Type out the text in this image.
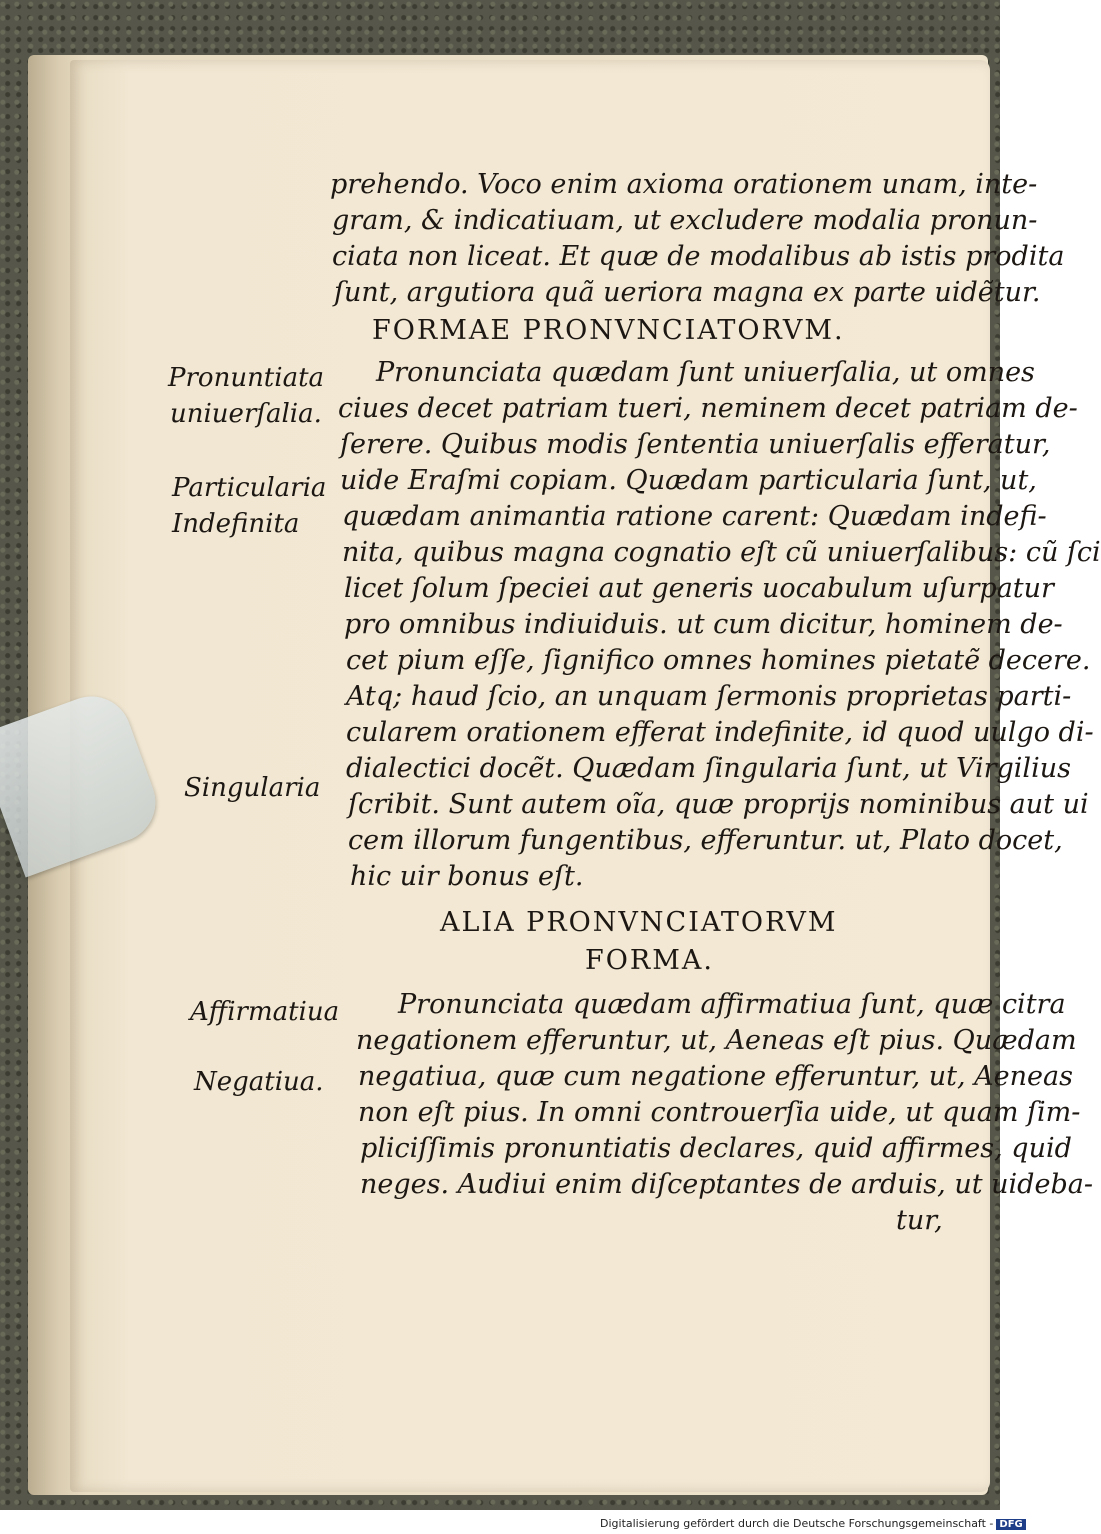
prehendo. Voco enim axioma orationem unam, inte-
gram, & indicatiuam, ut excludere modalia pronun-
ciata non liceat. Et quæ de modalibus ab istis prodita
ſunt, argutiora quã ueriora magna ex parte uidẽtur.
FORMAE PRONVNCIATORVM.
Pronunciata quædam ſunt uniuerſalia, ut omnes
ciues decet patriam tueri, neminem decet patriam de-
ſerere. Quibus modis ſententia uniuerſalis efferatur,
uide Eraſmi copiam. Quædam particularia ſunt, ut,
quædam animantia ratione carent: Quædam indefi-
nita, quibus magna cognatio eſt cũ uniuerſalibus: cũ ſci
licet ſolum ſpeciei aut generis uocabulum uſurpatur
pro omnibus indiuiduis. ut cum dicitur, hominem de-
cet pium eſſe, ſignifico omnes homines pietatẽ decere.
Atq; haud ſcio, an unquam ſermonis proprietas parti-
cularem orationem efferat indefinite, id quod uulgo di-
dialectici docẽt. Quædam ſingularia ſunt, ut Virgilius
ſcribit. Sunt autem oĩa, quæ proprijs nominibus aut ui
cem illorum fungentibus, efferuntur. ut, Plato docet,
hic uir bonus eſt.
ALIA PRONVNCIATORVM
FORMA.
Pronunciata quædam affirmatiua ſunt, quæ citra
negationem efferuntur, ut, Aeneas eſt pius. Quædam
negatiua, quæ cum negatione efferuntur, ut, Aeneas
non eſt pius. In omni controuerſia uide, ut quam ſim-
pliciſſimis pronuntiatis declares, quid affirmes, quid
neges. Audiui enim diſceptantes de arduis, ut uideba-
tur,
Pronuntiata
uniuerſalia.
Particularia
Indefinita
Singularia
Affirmatiua
Negatiua.
Digitalisierung gefördert durch die Deutsche Forschungsgemeinschaft - DFG
